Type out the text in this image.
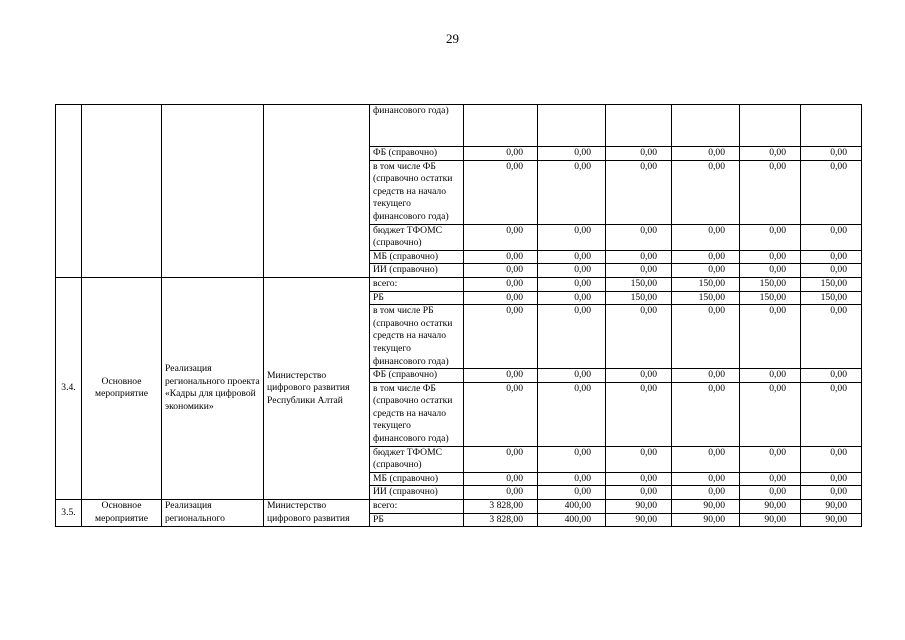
29
				финансового года)						
				ФБ (справочно)	0,00	0,00	0,00	0,00	0,00	0,00
				в том числе ФБ (справочно остатки средств на начало текущего финансового года)	0,00	0,00	0,00	0,00	0,00	0,00
				бюджет ТФОМС (справочно)	0,00	0,00	0,00	0,00	0,00	0,00
				МБ (справочно)	0,00	0,00	0,00	0,00	0,00	0,00
				ИИ (справочно)	0,00	0,00	0,00	0,00	0,00	0,00
3.4.	Основное мероприятие	Реализация регионального проекта «Кадры для цифровой экономики»	Министерство цифрового развития Республики Алтай	всего:	0,00	0,00	150,00	150,00	150,00	150,00
				РБ	0,00	0,00	150,00	150,00	150,00	150,00
				в том числе РБ (справочно остатки средств на начало текущего финансового года)	0,00	0,00	0,00	0,00	0,00	0,00
				ФБ (справочно)	0,00	0,00	0,00	0,00	0,00	0,00
				в том числе ФБ (справочно остатки средств на начало текущего финансового года)	0,00	0,00	0,00	0,00	0,00	0,00
				бюджет ТФОМС (справочно)	0,00	0,00	0,00	0,00	0,00	0,00
				МБ (справочно)	0,00	0,00	0,00	0,00	0,00	0,00
				ИИ (справочно)	0,00	0,00	0,00	0,00	0,00	0,00
3.5.	Основное мероприятие	Реализация регионального	Министерство цифрового развития	всего:	3 828,00	400,00	90,00	90,00	90,00	90,00
				РБ	3 828,00	400,00	90,00	90,00	90,00	90,00
